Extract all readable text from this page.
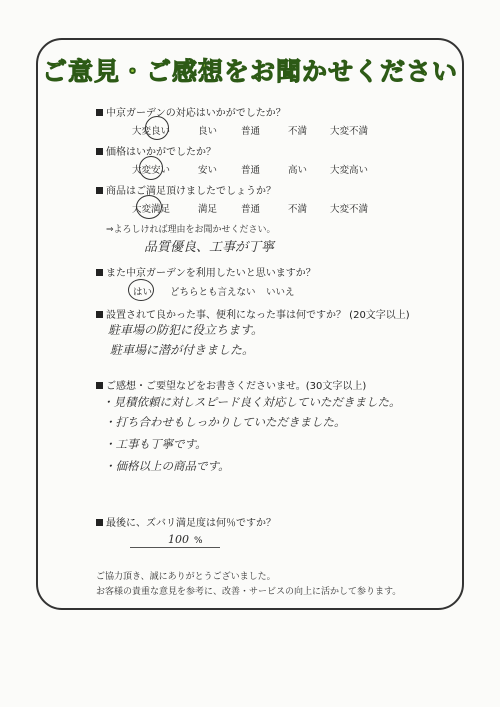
ご意見・ご感想をお聞かせください
中京ガーデンの対応はいかがでしたか？
大変良い	良い	普通	不満 大変不満
価格はいかがでしたか？
大変安い	安い	普通	高い 大変高い
商品はご満足頂けましたでしょうか？
大変満足	満足	普通	不満 大変不満
⇒よろしければ理由をお聞かせください。
品質優良、工事が丁寧
また中京ガーデンを利用したいと思いますか？
はい どちらとも言えない いいえ
設置されて良かった事、便利になった事は何ですか？ (20文字以上)
駐車場の防犯に役立ちます。
駐車場に潜が付きました。
ご感想・ご要望などをお書きくださいませ。(30文字以上)
・見積依頼に対しスピード良く対応していただきました。
・打ち合わせもしっかりしていただきました。
・工事も丁寧です。
・価格以上の商品です。
最後に、ズバリ満足度は何％ですか？
100 %
ご協力頂き、誠にありがとうございました。
お客様の貴重な意見を参考に、改善・サービスの向上に活かして参ります。
